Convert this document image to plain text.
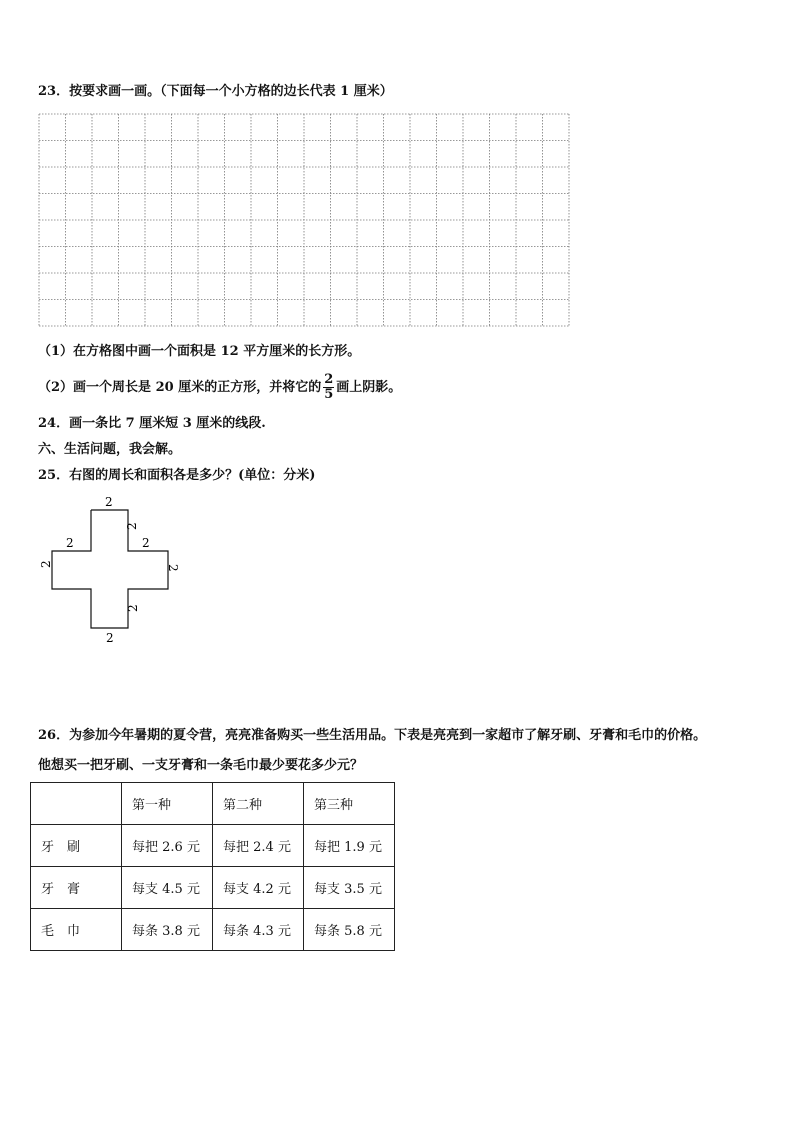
23．按要求画一画。（下面每一个小方格的边长代表 1 厘米）
（1）在方格图中画一个面积是 12 平方厘米的长方形。
（2）画一个周长是 20 厘米的正方形，并将它的 $\frac{2}{5}$ 画上阴影。
24．画一条比 7 厘米短 3 厘米的线段.
六、生活问题，我会解。
25．右图的周长和面积各是多少？(单位：分米)
2
2
2	2
2	2
2
2
26．为参加今年暑期的夏令营，亮亮准备购买一些生活用品。下表是亮亮到一家超市了解牙刷、牙膏和毛巾的价格。
他想买一把牙刷、一支牙膏和一条毛巾最少要花多少元？
	第一种	第二种	第三种
牙　刷	每把 2.6 元	每把 2.4 元	每把 1.9 元
牙　膏	每支 4.5 元	每支 4.2 元	每支 3.5 元
毛　巾	每条 3.8 元	每条 4.3 元	每条 5.8 元
